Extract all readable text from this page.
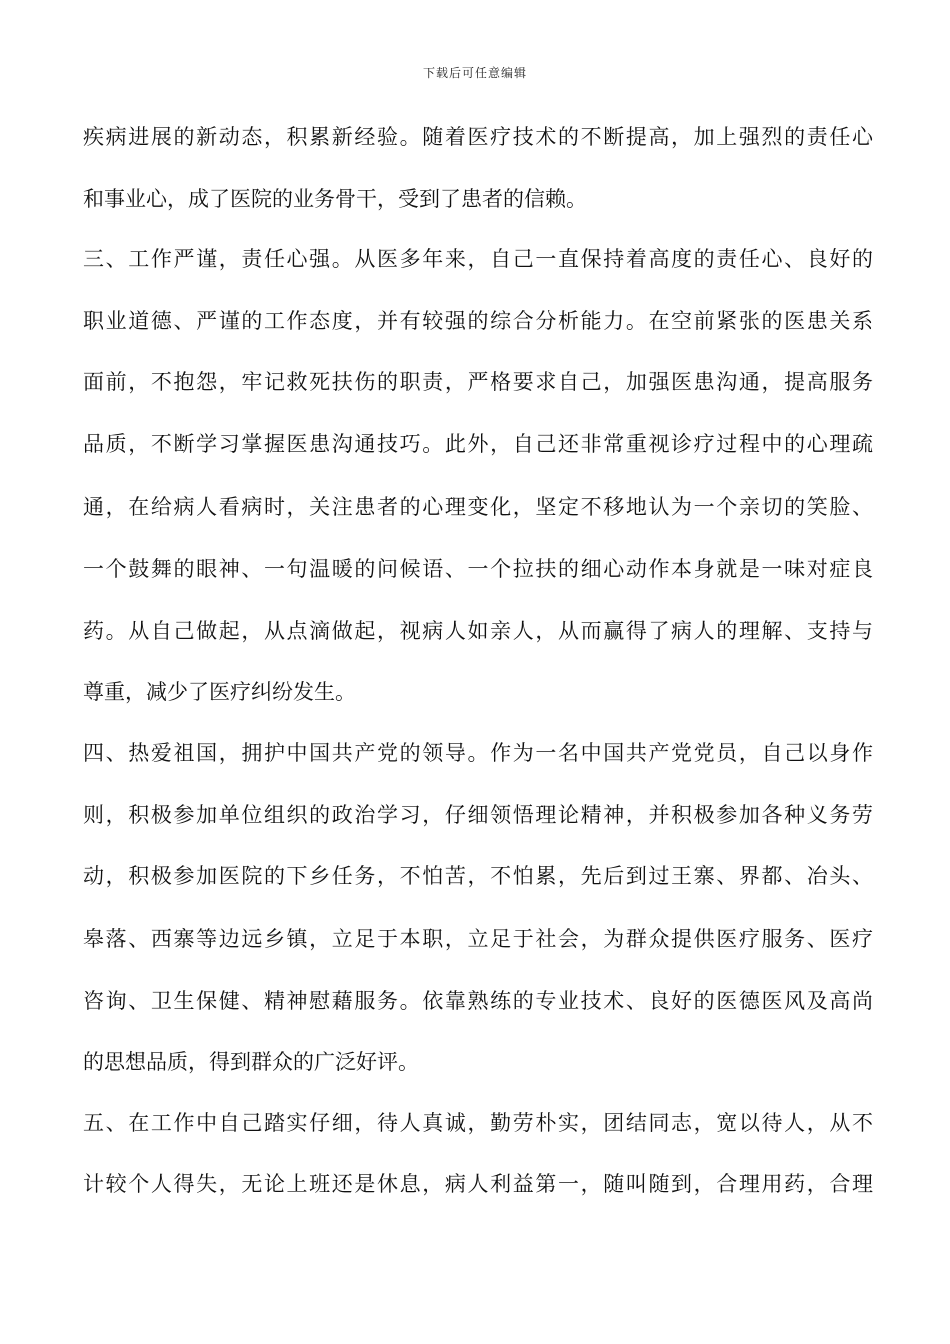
下载后可任意编辑
疾病进展的新动态，积累新经验。随着医疗技术的不断提高，加上强烈的责任心
和事业心，成了医院的业务骨干，受到了患者的信赖。
三、工作严谨，责任心强。从医多年来，自己一直保持着高度的责任心、良好的
职业道德、严谨的工作态度，并有较强的综合分析能力。在空前紧张的医患关系
面前，不抱怨，牢记救死扶伤的职责，严格要求自己，加强医患沟通，提高服务
品质，不断学习掌握医患沟通技巧。此外，自己还非常重视诊疗过程中的心理疏
通，在给病人看病时，关注患者的心理变化，坚定不移地认为一个亲切的笑脸、
一个鼓舞的眼神、一句温暖的问候语、一个拉扶的细心动作本身就是一味对症良
药。从自己做起，从点滴做起，视病人如亲人，从而赢得了病人的理解、支持与
尊重，减少了医疗纠纷发生。
四、热爱祖国，拥护中国共产党的领导。作为一名中国共产党党员，自己以身作
则，积极参加单位组织的政治学习，仔细领悟理论精神，并积极参加各种义务劳
动，积极参加医院的下乡任务，不怕苦，不怕累，先后到过王寨、界都、冶头、
皋落、西寨等边远乡镇，立足于本职，立足于社会，为群众提供医疗服务、医疗
咨询、卫生保健、精神慰藉服务。依靠熟练的专业技术、良好的医德医风及高尚
的思想品质，得到群众的广泛好评。
五、在工作中自己踏实仔细，待人真诚，勤劳朴实，团结同志，宽以待人，从不
计较个人得失，无论上班还是休息，病人利益第一，随叫随到，合理用药，合理
